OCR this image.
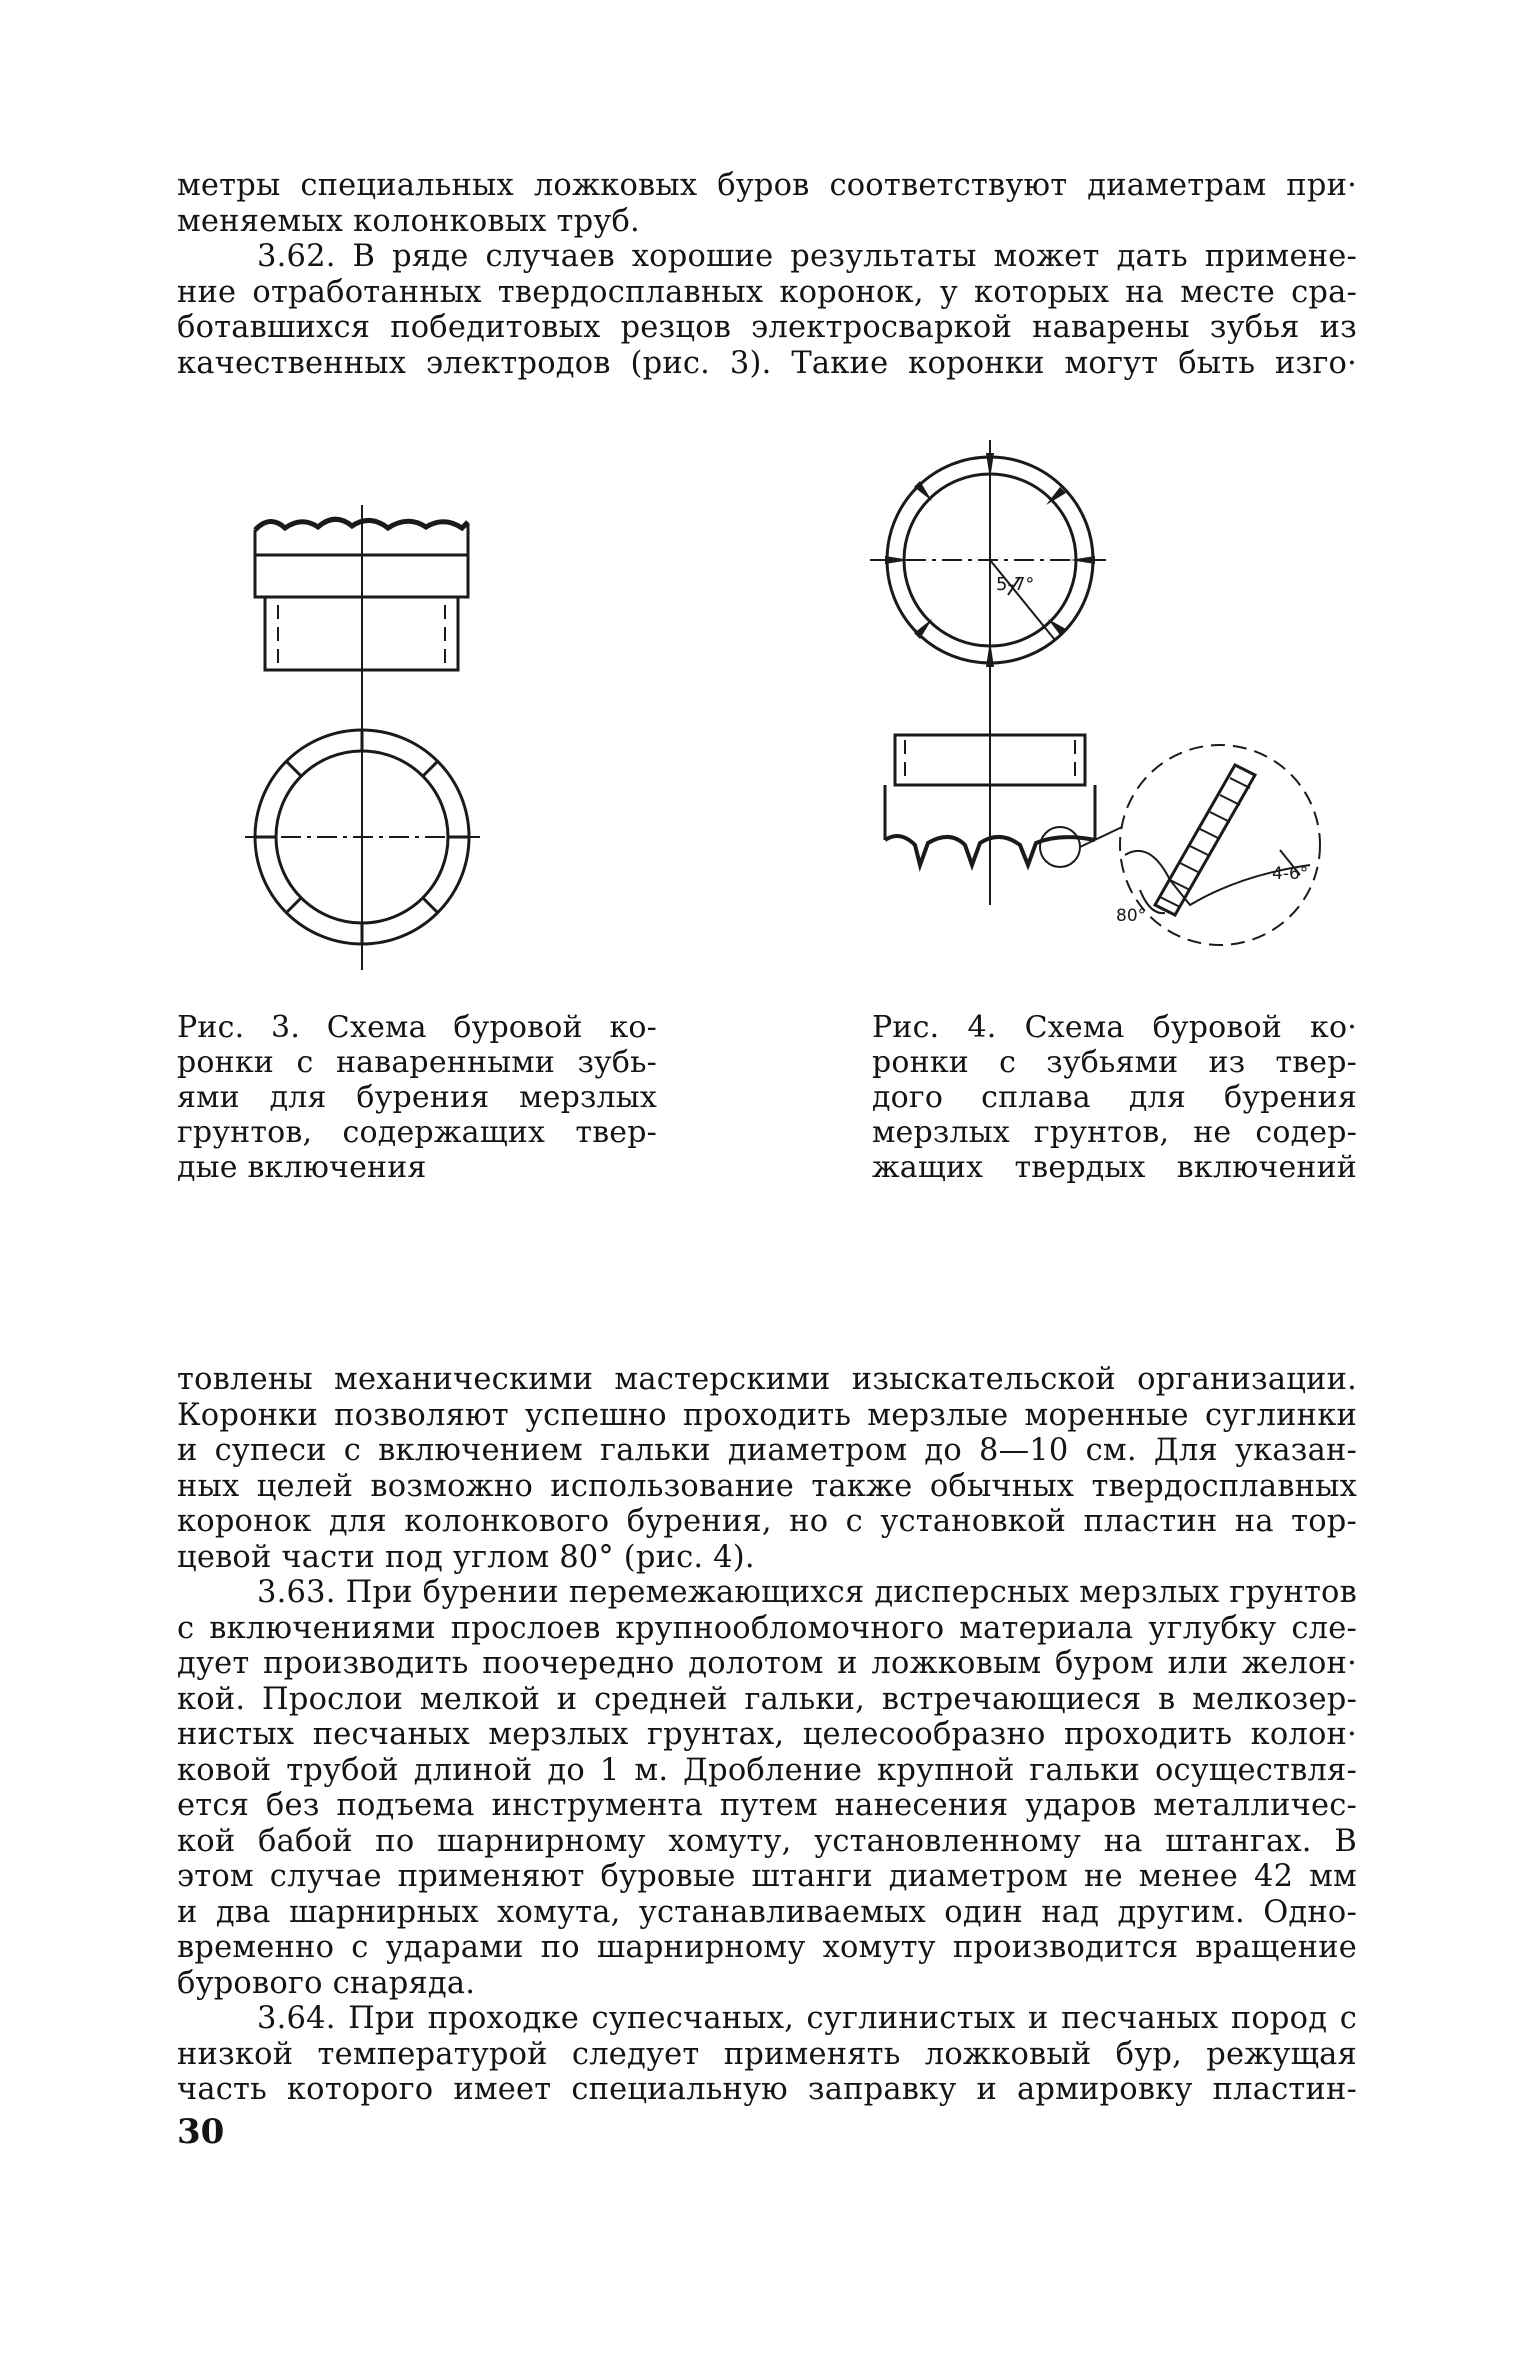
метры специальных ложковых буров соответствуют диаметрам при·
меняемых колонковых труб.
3.62. В ряде случаев хорошие результаты может дать примене-
ние отработанных твердосплавных коронок, у которых на месте сра-
ботавшихся победитовых резцов электросваркой наварены зубья из
качественных электродов (рис. 3). Такие коронки могут быть изго·
5-7°
4-6°
80°
Рис. 3. Схема буровой ко-
ронки с наваренными зубь-
ями для бурения мерзлых
грунтов, содержащих твер-
дые включения
Рис. 4. Схема буровой ко·
ронки с зубьями из твер-
дого сплава для бурения
мерзлых грунтов, не содер-
жащих твердых включений
товлены механическими мастерскими изыскательской организации.
Коронки позволяют успешно проходить мерзлые моренные суглинки
и супеси с включением гальки диаметром до 8—10 см. Для указан-
ных целей возможно использование также обычных твердосплавных
коронок для колонкового бурения, но с установкой пластин на тор-
цевой части под углом 80° (рис. 4).
3.63. При бурении перемежающихся дисперсных мерзлых грунтов
с включениями прослоев крупнообломочного материала углубку сле-
дует производить поочередно долотом и ложковым буром или желон·
кой. Прослои мелкой и средней гальки, встречающиеся в мелкозер-
нистых песчаных мерзлых грунтах, целесообразно проходить колон·
ковой трубой длиной до 1 м. Дробление крупной гальки осуществля-
ется без подъема инструмента путем нанесения ударов металличес-
кой бабой по шарнирному хомуту, установленному на штангах. В
этом случае применяют буровые штанги диаметром не менее 42 мм
и два шарнирных хомута, устанавливаемых один над другим. Одно-
временно с ударами по шарнирному хомуту производится вращение
бурового снаряда.
3.64. При проходке супесчаных, суглинистых и песчаных пород с
низкой температурой следует применять ложковый бур, режущая
часть которого имеет специальную заправку и армировку пластин-
30
